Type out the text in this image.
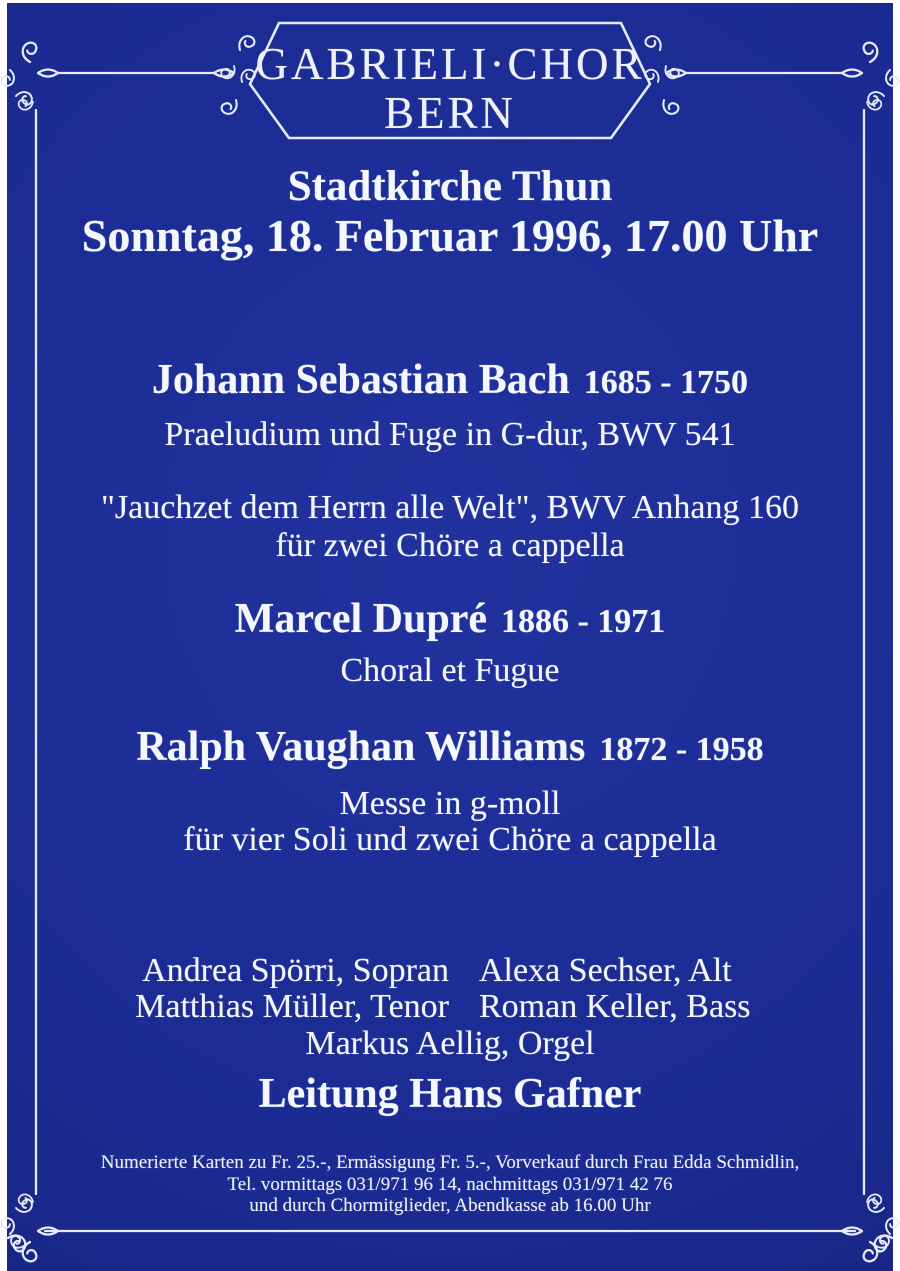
GABRIELI·CHOR
BERN
Stadtkirche Thun
Sonntag, 18. Februar 1996, 17.00 Uhr
Johann Sebastian Bach 1685 - 1750
Praeludium und Fuge in G-dur, BWV 541
"Jauchzet dem Herrn alle Welt", BWV Anhang 160
für zwei Chöre a cappella
Marcel Dupré 1886 - 1971
Choral et Fugue
Ralph Vaughan Williams 1872 - 1958
Messe in g-moll
für vier Soli und zwei Chöre a cappella
Andrea Spörri, Sopran Alexa Sechser, Alt
Matthias Müller, Tenor Roman Keller, Bass
Markus Aellig, Orgel
Leitung Hans Gafner
Numerierte Karten zu Fr. 25.-, Ermässigung Fr. 5.-, Vorverkauf durch Frau Edda Schmidlin,
Tel. vormittags 031/971 96 14, nachmittags 031/971 42 76
und durch Chormitglieder, Abendkasse ab 16.00 Uhr
